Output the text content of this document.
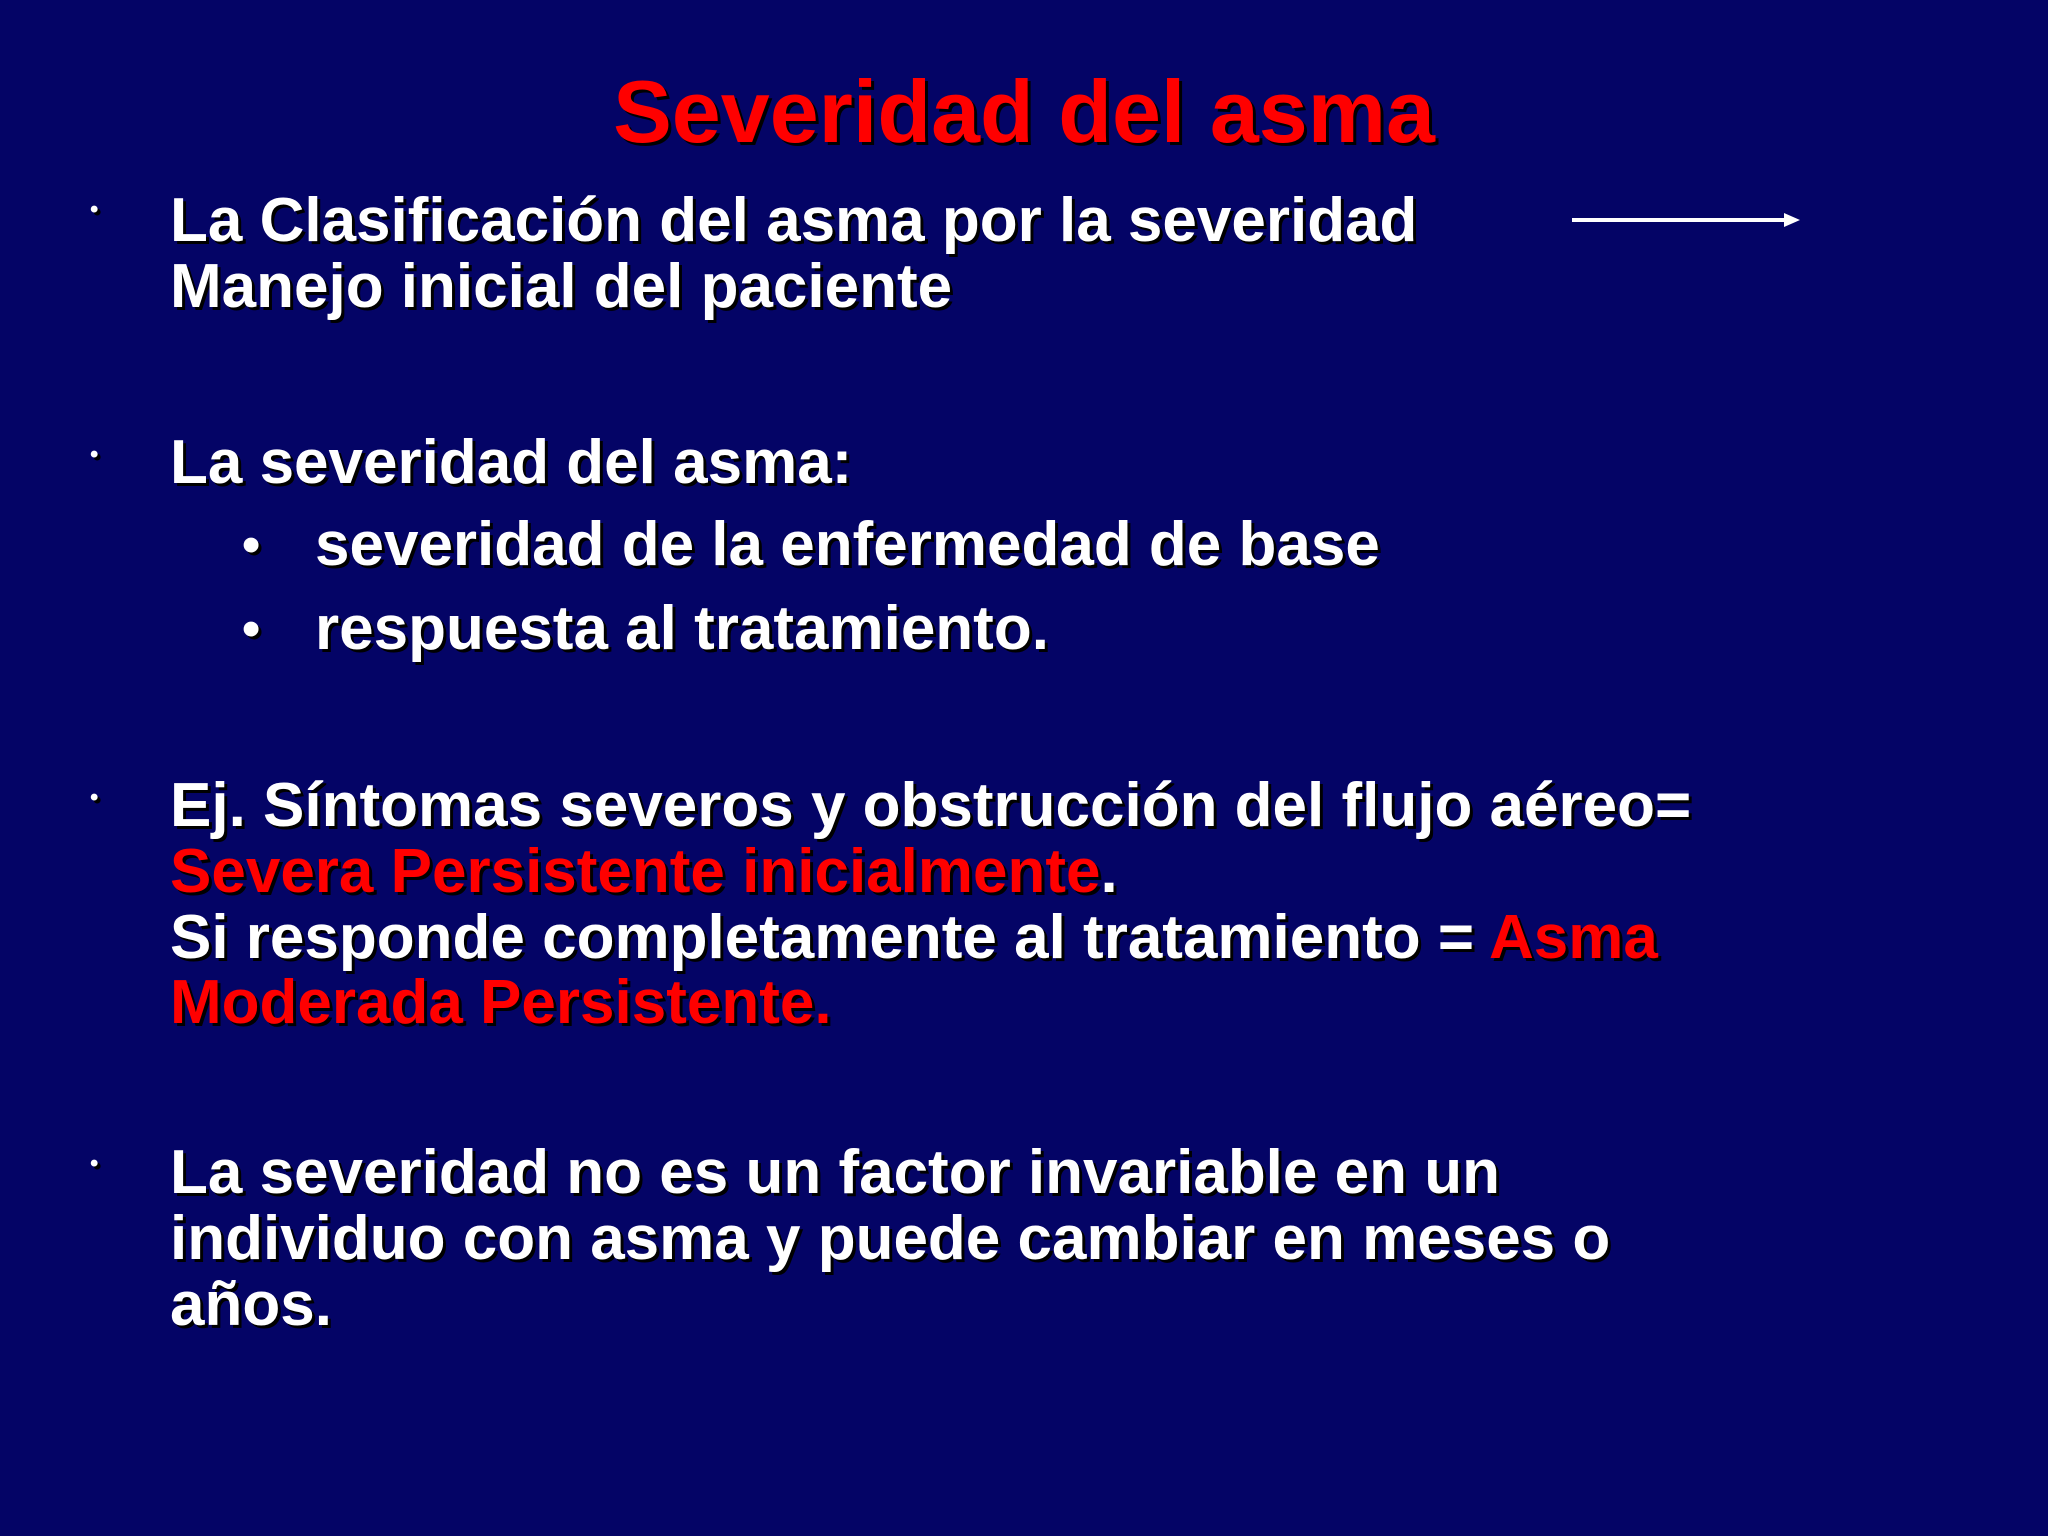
Severidad del asma
• La Clasificación del asma por la severidad
Manejo inicial del paciente
• La severidad del asma:
• severidad de la enfermedad de base
• respuesta al tratamiento.
• Ej. Síntomas severos y obstrucción del flujo aéreo=
Severa Persistente inicialmente.
Si responde completamente al tratamiento = Asma
Moderada Persistente.
• La severidad no es un factor invariable en un
individuo con asma y puede cambiar en meses o
años.
